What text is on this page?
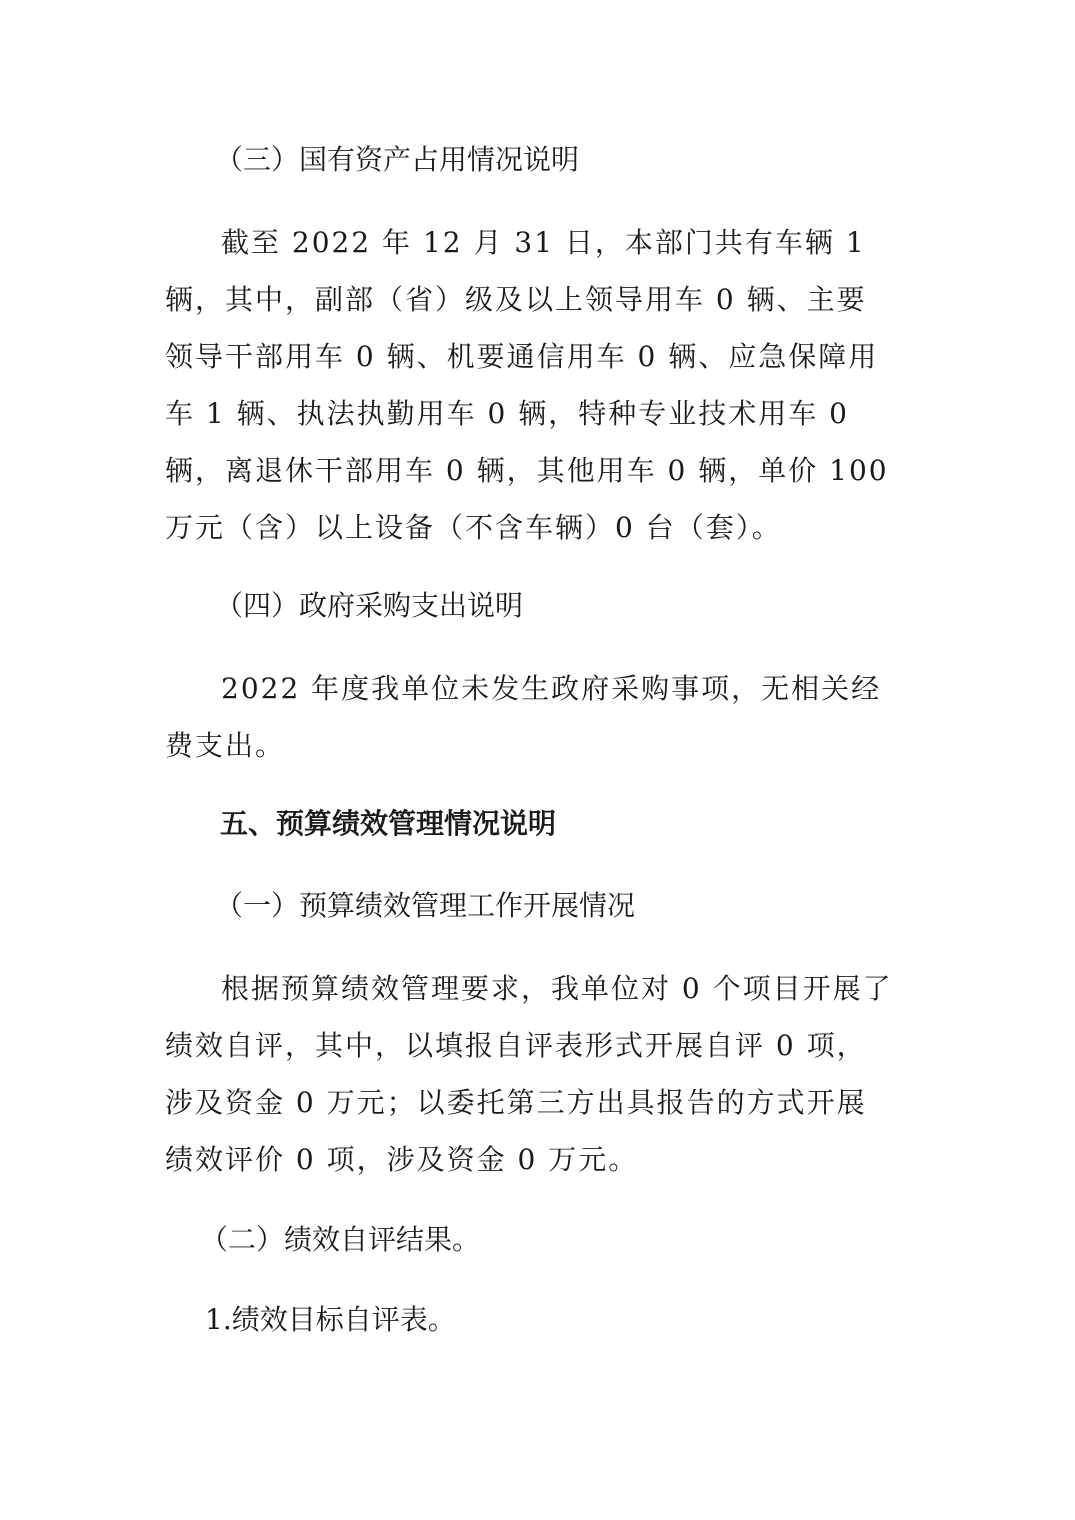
（三）国有资产占用情况说明

截至 2022 年 12 月 31 日，本部门共有车辆 1 辆，其中，副部（省）级及以上领导用车 0 辆、主要领导干部用车 0 辆、机要通信用车 0 辆、应急保障用车 1 辆、执法执勤用车 0 辆，特种专业技术用车 0 辆，离退休干部用车 0 辆，其他用车 0 辆，单价 100 万元（含）以上设备（不含车辆）0 台（套）。

（四）政府采购支出说明

2022 年度我单位未发生政府采购事项，无相关经费支出。

五、预算绩效管理情况说明
（一）预算绩效管理工作开展情况

根据预算绩效管理要求，我单位对 0 个项目开展了绩效自评，其中，以填报自评表形式开展自评 0 项，涉及资金 0 万元；以委托第三方出具报告的方式开展绩效评价 0 项，涉及资金 0 万元。

（二）绩效自评结果。
1.绩效目标自评表。
